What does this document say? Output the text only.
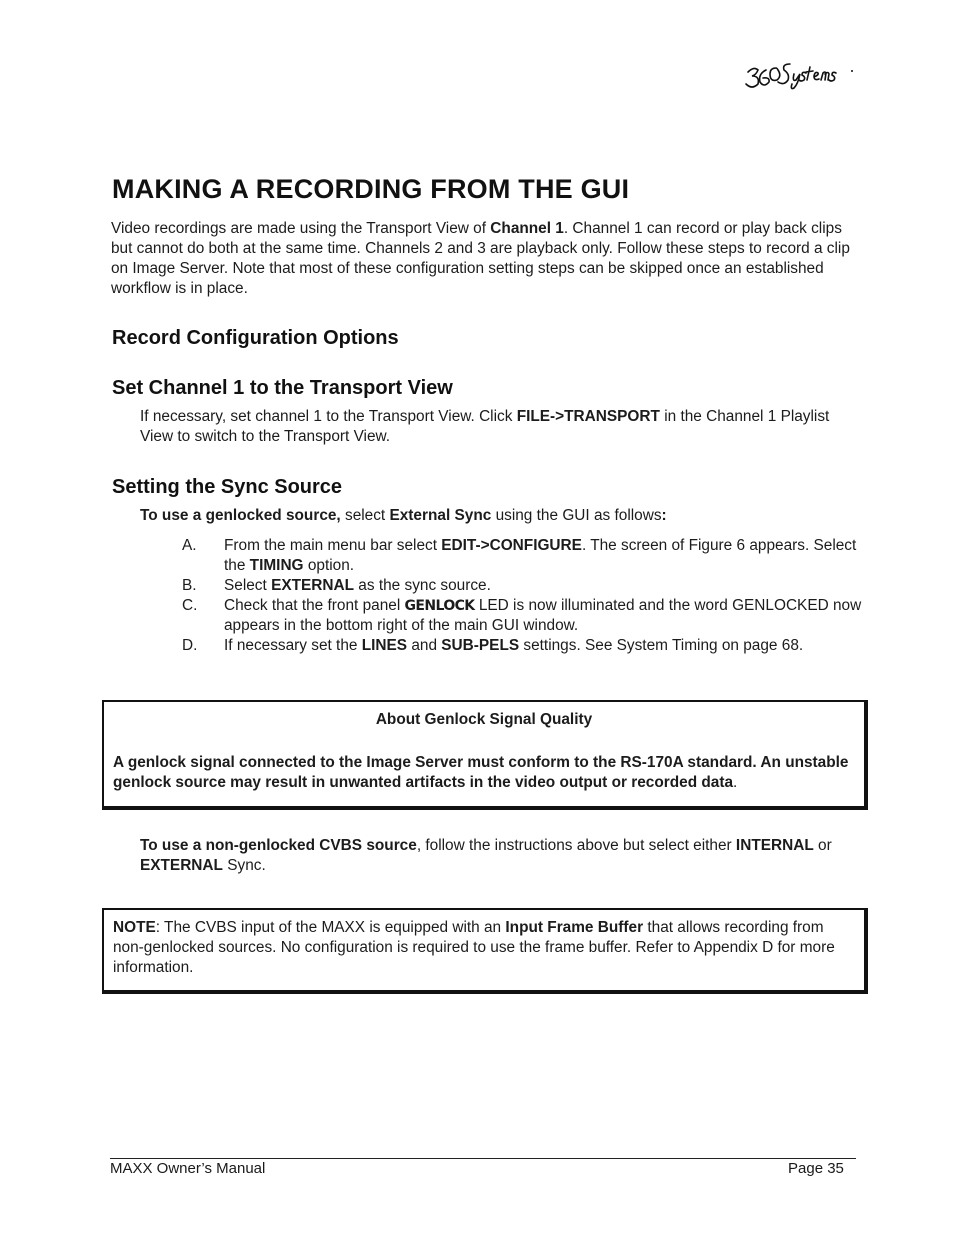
MAKING A RECORDING FROM THE GUI
Video recordings are made using the Transport View of Channel 1. Channel 1 can record or play back clips but cannot do both at the same time. Channels 2 and 3 are playback only. Follow these steps to record a clip on Image Server. Note that most of these configuration setting steps can be skipped once an established workflow is in place.
Record Configuration Options
Set Channel 1 to the Transport View
If necessary, set channel 1 to the Transport View. Click FILE->TRANSPORT in the Channel 1 Playlist View to switch to the Transport View.
Setting the Sync Source
To use a genlocked source, select External Sync using the GUI as follows:
A.	From the main menu bar select EDIT->CONFIGURE. The screen of Figure 6 appears. Select the TIMING option.
B.	Select EXTERNAL as the sync source.
C.	Check that the front panel GENLOCK LED is now illuminated and the word GENLOCKED now appears in the bottom right of the main GUI window.
D.	If necessary set the LINES and SUB-PELS settings. See System Timing on page 68.
About Genlock Signal Quality
A genlock signal connected to the Image Server must conform to the RS-170A standard. An unstable genlock source may result in unwanted artifacts in the video output or recorded data.
To use a non-genlocked CVBS source, follow the instructions above but select either INTERNAL or EXTERNAL Sync.
NOTE: The CVBS input of the MAXX is equipped with an Input Frame Buffer that allows recording from non-genlocked sources. No configuration is required to use the frame buffer. Refer to Appendix D for more information.
MAXX Owner’s Manual	Page 35
